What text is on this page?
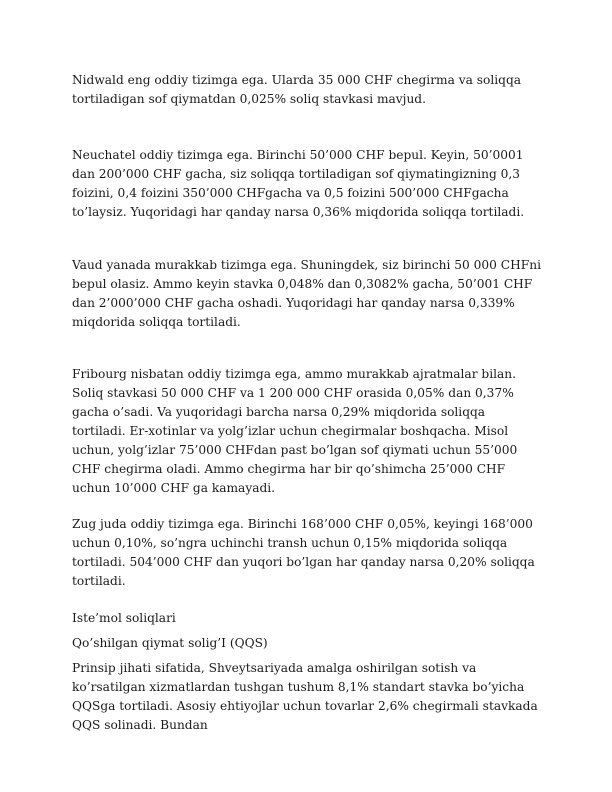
Nidwald eng oddiy tizimga ega. Ularda 35 000 CHF chegirma va soliqqa tortiladigan sof qiymatdan 0,025% soliq stavkasi mavjud.

Neuchatel oddiy tizimga ega. Birinchi 50’000 CHF bepul. Keyin, 50’0001 dan 200’000 CHF gacha, siz soliqqa tortiladigan sof qiymatingizning 0,3 foizini, 0,4 foizini 350’000 CHFgacha va 0,5 foizini 500’000 CHFgacha to’laysiz. Yuqoridagi har qanday narsa 0,36% miqdorida soliqqa tortiladi.

Vaud yanada murakkab tizimga ega. Shuningdek, siz birinchi 50 000 CHFni bepul olasiz. Ammo keyin stavka 0,048% dan 0,3082% gacha, 50’001 CHF dan 2’000’000 CHF gacha oshadi. Yuqoridagi har qanday narsa 0,339% miqdorida soliqqa tortiladi.

Fribourg nisbatan oddiy tizimga ega, ammo murakkab ajratmalar bilan. Soliq stavkasi 50 000 CHF va 1 200 000 CHF orasida 0,05% dan 0,37% gacha o’sadi. Va yuqoridagi barcha narsa 0,29% miqdorida soliqqa tortiladi. Er-xotinlar va yolg’izlar uchun chegirmalar boshqacha. Misol uchun, yolg’izlar 75’000 CHFdan past bo’lgan sof qiymati uchun 55’000 CHF chegirma oladi. Ammo chegirma har bir qo’shimcha 25’000 CHF uchun 10’000 CHF ga kamayadi.

Zug juda oddiy tizimga ega. Birinchi 168’000 CHF 0,05%, keyingi 168’000 uchun 0,10%, so’ngra uchinchi transh uchun 0,15% miqdorida soliqqa tortiladi. 504’000 CHF dan yuqori bo’lgan har qanday narsa 0,20% soliqqa tortiladi.

Iste’mol soliqlari

Qo’shilgan qiymat solig’I (QQS)

Prinsip jihati sifatida, Shveytsariyada amalga oshirilgan sotish va ko’rsatilgan xizmatlardan tushgan tushum 8,1% standart stavka bo’yicha QQSga tortiladi. Asosiy ehtiyojlar uchun tovarlar 2,6% chegirmali stavkada QQS solinadi. Bundan
